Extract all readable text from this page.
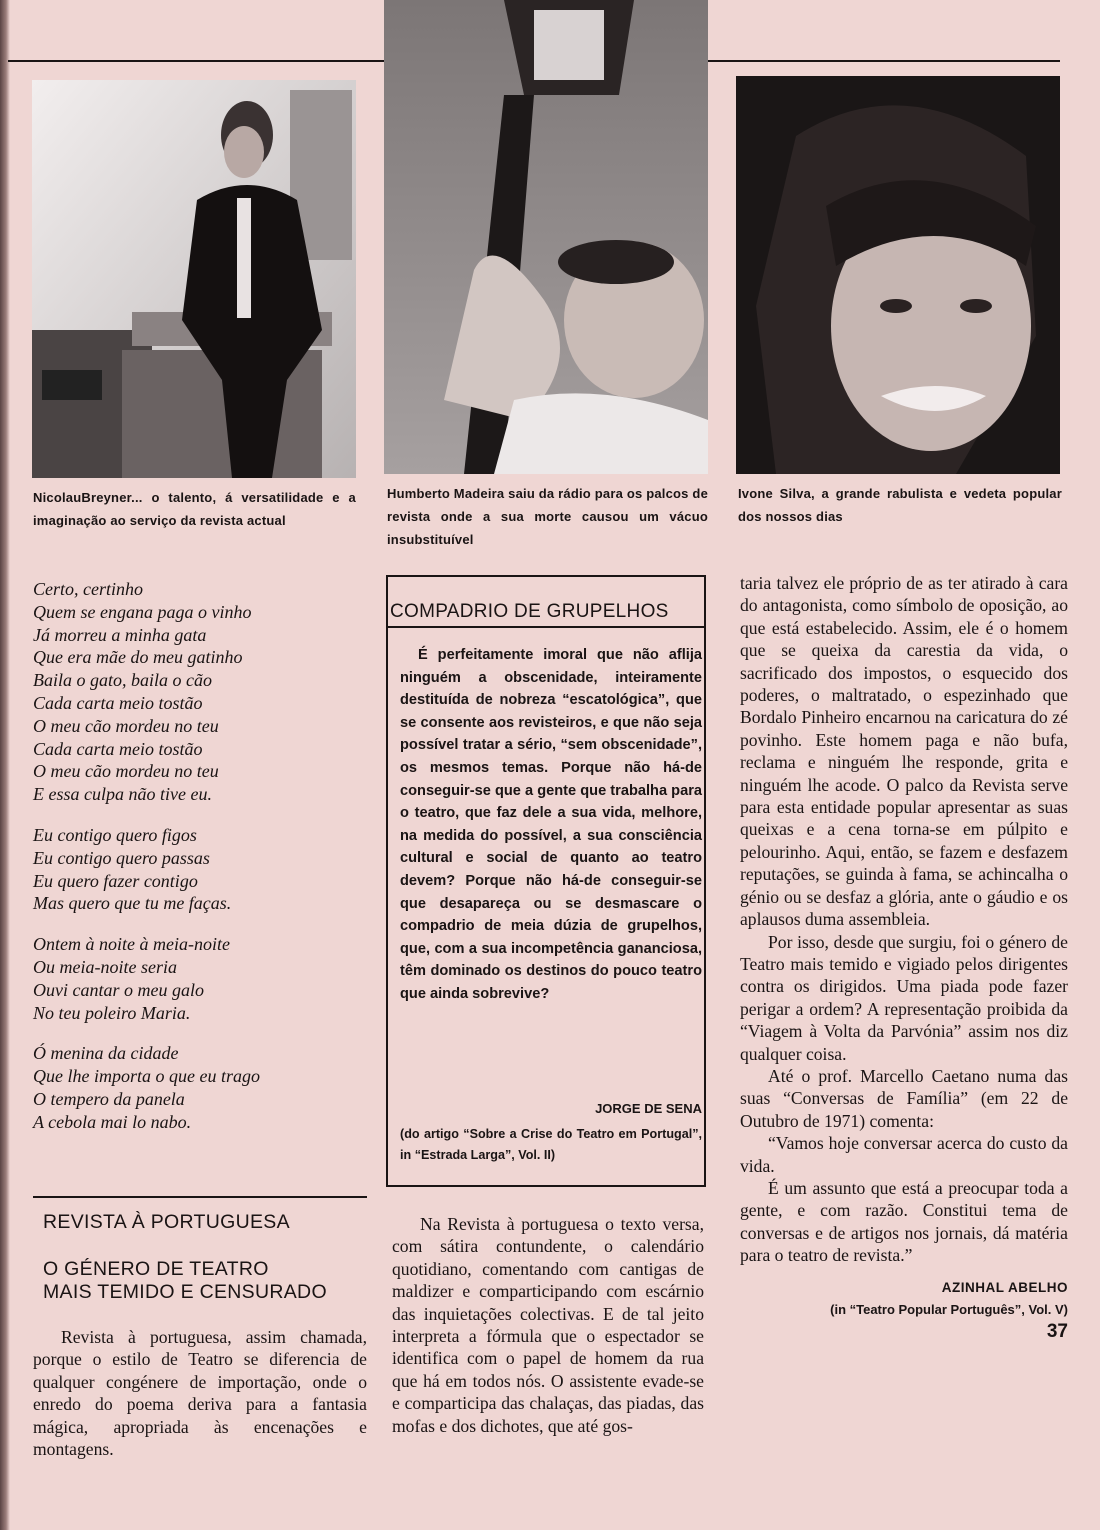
NicolauBreyner... o talento, á versatilidade e a imaginação ao serviço da revista actual
Humberto Madeira saiu da rádio para os palcos de revista onde a sua morte causou um vácuo insubstituível
Ivone Silva, a grande rabulista e vedeta popular dos nossos dias
Certo, certinho
Quem se engana paga o vinho
Já morreu a minha gata
Que era mãe do meu gatinho
Baila o gato, baila o cão
Cada carta meio tostão
O meu cão mordeu no teu
Cada carta meio tostão
O meu cão mordeu no teu
E essa culpa não tive eu.
Eu contigo quero figos
Eu contigo quero passas
Eu quero fazer contigo
Mas quero que tu me faças.
Ontem à noite à meia-noite
Ou meia-noite seria
Ouvi cantar o meu galo
No teu poleiro Maria.
Ó menina da cidade
Que lhe importa o que eu trago
O tempero da panela
A cebola mai lo nabo.
COMPADRIO DE GRUPELHOS

É perfeitamente imoral que não aflija ninguém a obscenidade, inteiramente destituída de nobreza “escatológica”, que se consente aos revisteiros, e que não seja possível tratar a sério, “sem obscenidade”, os mesmos temas. Porque não há-de conseguir-se que a gente que trabalha para o teatro, que faz dele a sua vida, melhore, na medida do possível, a sua consciência cultural e social de quanto ao teatro devem? Porque não há-de conseguir-se que desapareça ou se desmascare o compadrio de meia dúzia de grupelhos, que, com a sua incompetência gananciosa, têm dominado os destinos do pouco teatro que ainda sobrevive?

JORGE DE SENA
(do artigo “Sobre a Crise do Teatro em Portugal”, in “Estrada Larga”, Vol. II)
REVISTA À PORTUGUESA
O GÉNERO DE TEATRO
MAIS TEMIDO E CENSURADO

Revista à portuguesa, assim chamada, porque o estilo de Teatro se diferencia de qualquer congénere de importação, onde o enredo do poema deriva para a fantasia mágica, apropriada às encenações e montagens.

Na Revista à portuguesa o texto versa, com sátira contundente, o calendário quotidiano, comentando com cantigas de maldizer e comparticipando com escárnio das inquietações colectivas. E de tal jeito interpreta a fórmula que o espectador se identifica com o papel de homem da rua que há em todos nós. O assistente evade-se e comparticipa das chalaças, das piadas, das mofas e dos dichotes, que até gos-

taria talvez ele próprio de as ter atirado à cara do antagonista, como símbolo de oposição, ao que está estabelecido. Assim, ele é o homem que se queixa da carestia da vida, o sacrificado dos impostos, o esquecido dos poderes, o maltratado, o espezinhado que Bordalo Pinheiro encarnou na caricatura do zé povinho. Este homem paga e não bufa, reclama e ninguém lhe responde, grita e ninguém lhe acode. O palco da Revista serve para esta entidade popular apresentar as suas queixas e a cena torna-se em púlpito e pelourinho. Aqui, então, se fazem e desfazem reputações, se guinda à fama, se achincalha o génio ou se desfaz a glória, ante o gáudio e os aplausos duma assembleia.

Por isso, desde que surgiu, foi o género de Teatro mais temido e vigiado pelos dirigentes contra os dirigidos. Uma piada pode fazer perigar a ordem? A representação proibida da “Viagem à Volta da Parvónia” assim nos diz qualquer coisa.

Até o prof. Marcello Caetano numa das suas “Conversas de Família” (em 22 de Outubro de 1971) comenta:

“Vamos hoje conversar acerca do custo da vida.

É um assunto que está a preocupar toda a gente, e com razão. Constitui tema de conversas e de artigos nos jornais, dá matéria para o teatro de revista.”

AZINHAL ABELHO
(in “Teatro Popular Português”, Vol. V)
37
